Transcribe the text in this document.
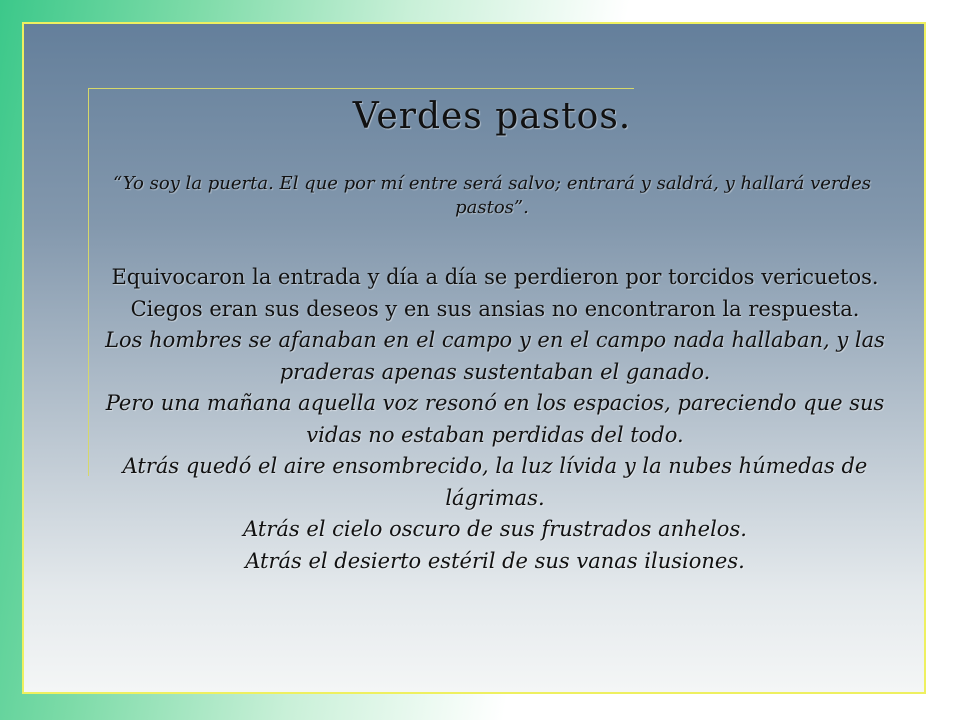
Verdes pastos.
“Yo soy la puerta. El que por mí entre será salvo; entrará y saldrá, y hallará verdes pastos”.

Equivocaron la entrada y día a día se perdieron por torcidos vericuetos. Ciegos eran sus deseos y en sus ansias no encontraron la respuesta.

Los hombres se afanaban en el campo y en el campo nada hallaban, y las praderas apenas sustentaban el ganado.

Pero una mañana aquella voz resonó en los espacios, pareciendo que sus vidas no estaban perdidas del todo.

Atrás quedó el aire ensombrecido, la luz lívida y la nubes húmedas de lágrimas.

Atrás el cielo oscuro de sus frustrados anhelos.

Atrás el desierto estéril de sus vanas ilusiones.
